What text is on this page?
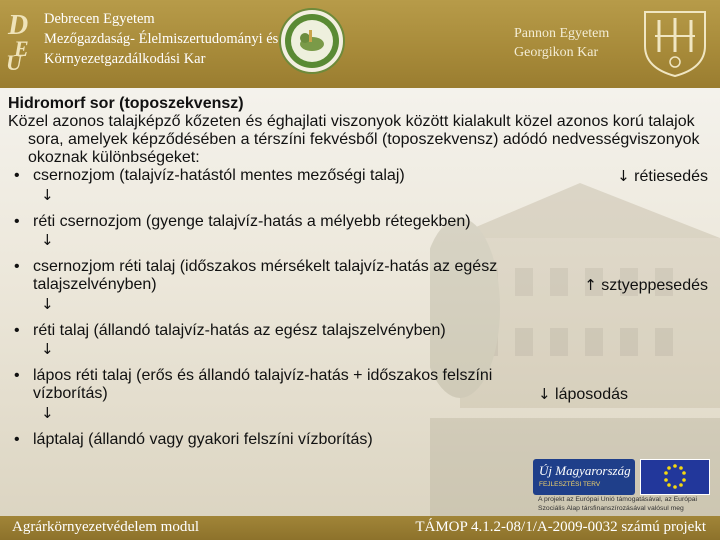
D
E
U
Debrecen Egyetem
Mezőgazdaság- Élelmiszertudományi és
Környezetgazdálkodási Kar
Pannon Egyetem
Georgikon Kar

Hidromorf sor (toposzekvensz)

Közel azonos talajképző kőzeten és éghajlati viszonyok között kialakult közel azonos korú talajok sora, amelyek képződésében a térszíni fekvésből (toposzekvensz) adódó nedvességviszonyok okoznak különbségeket:

• csernozjom (talajvíz-hatástól mentes mezőségi talaj)	↓ rétiesedés
↓
• réti csernozjom (gyenge talajvíz-hatás a mélyebb rétegekben)
↓
• csernozjom réti talaj (időszakos mérsékelt talajvíz-hatás az egész
talajszelvényben)	↑ sztyeppesedés
↓
• réti talaj (állandó talajvíz-hatás az egész talajszelvényben)
↓
• lápos réti talaj (erős és állandó talajvíz-hatás + időszakos felszíni
vízborítás)	↓ láposodás
↓
• láptalaj (állandó vagy gyakori felszíni vízborítás)
Új Magyarország
FEJLESZTÉSI TERV
A projekt az Európai Unió támogatásával, az Európai Szociális Alap társfinanszírozásával valósul meg
Agrárkörnyezetvédelem modul	TÁMOP 4.1.2-08/1/A-2009-0032 számú projekt
